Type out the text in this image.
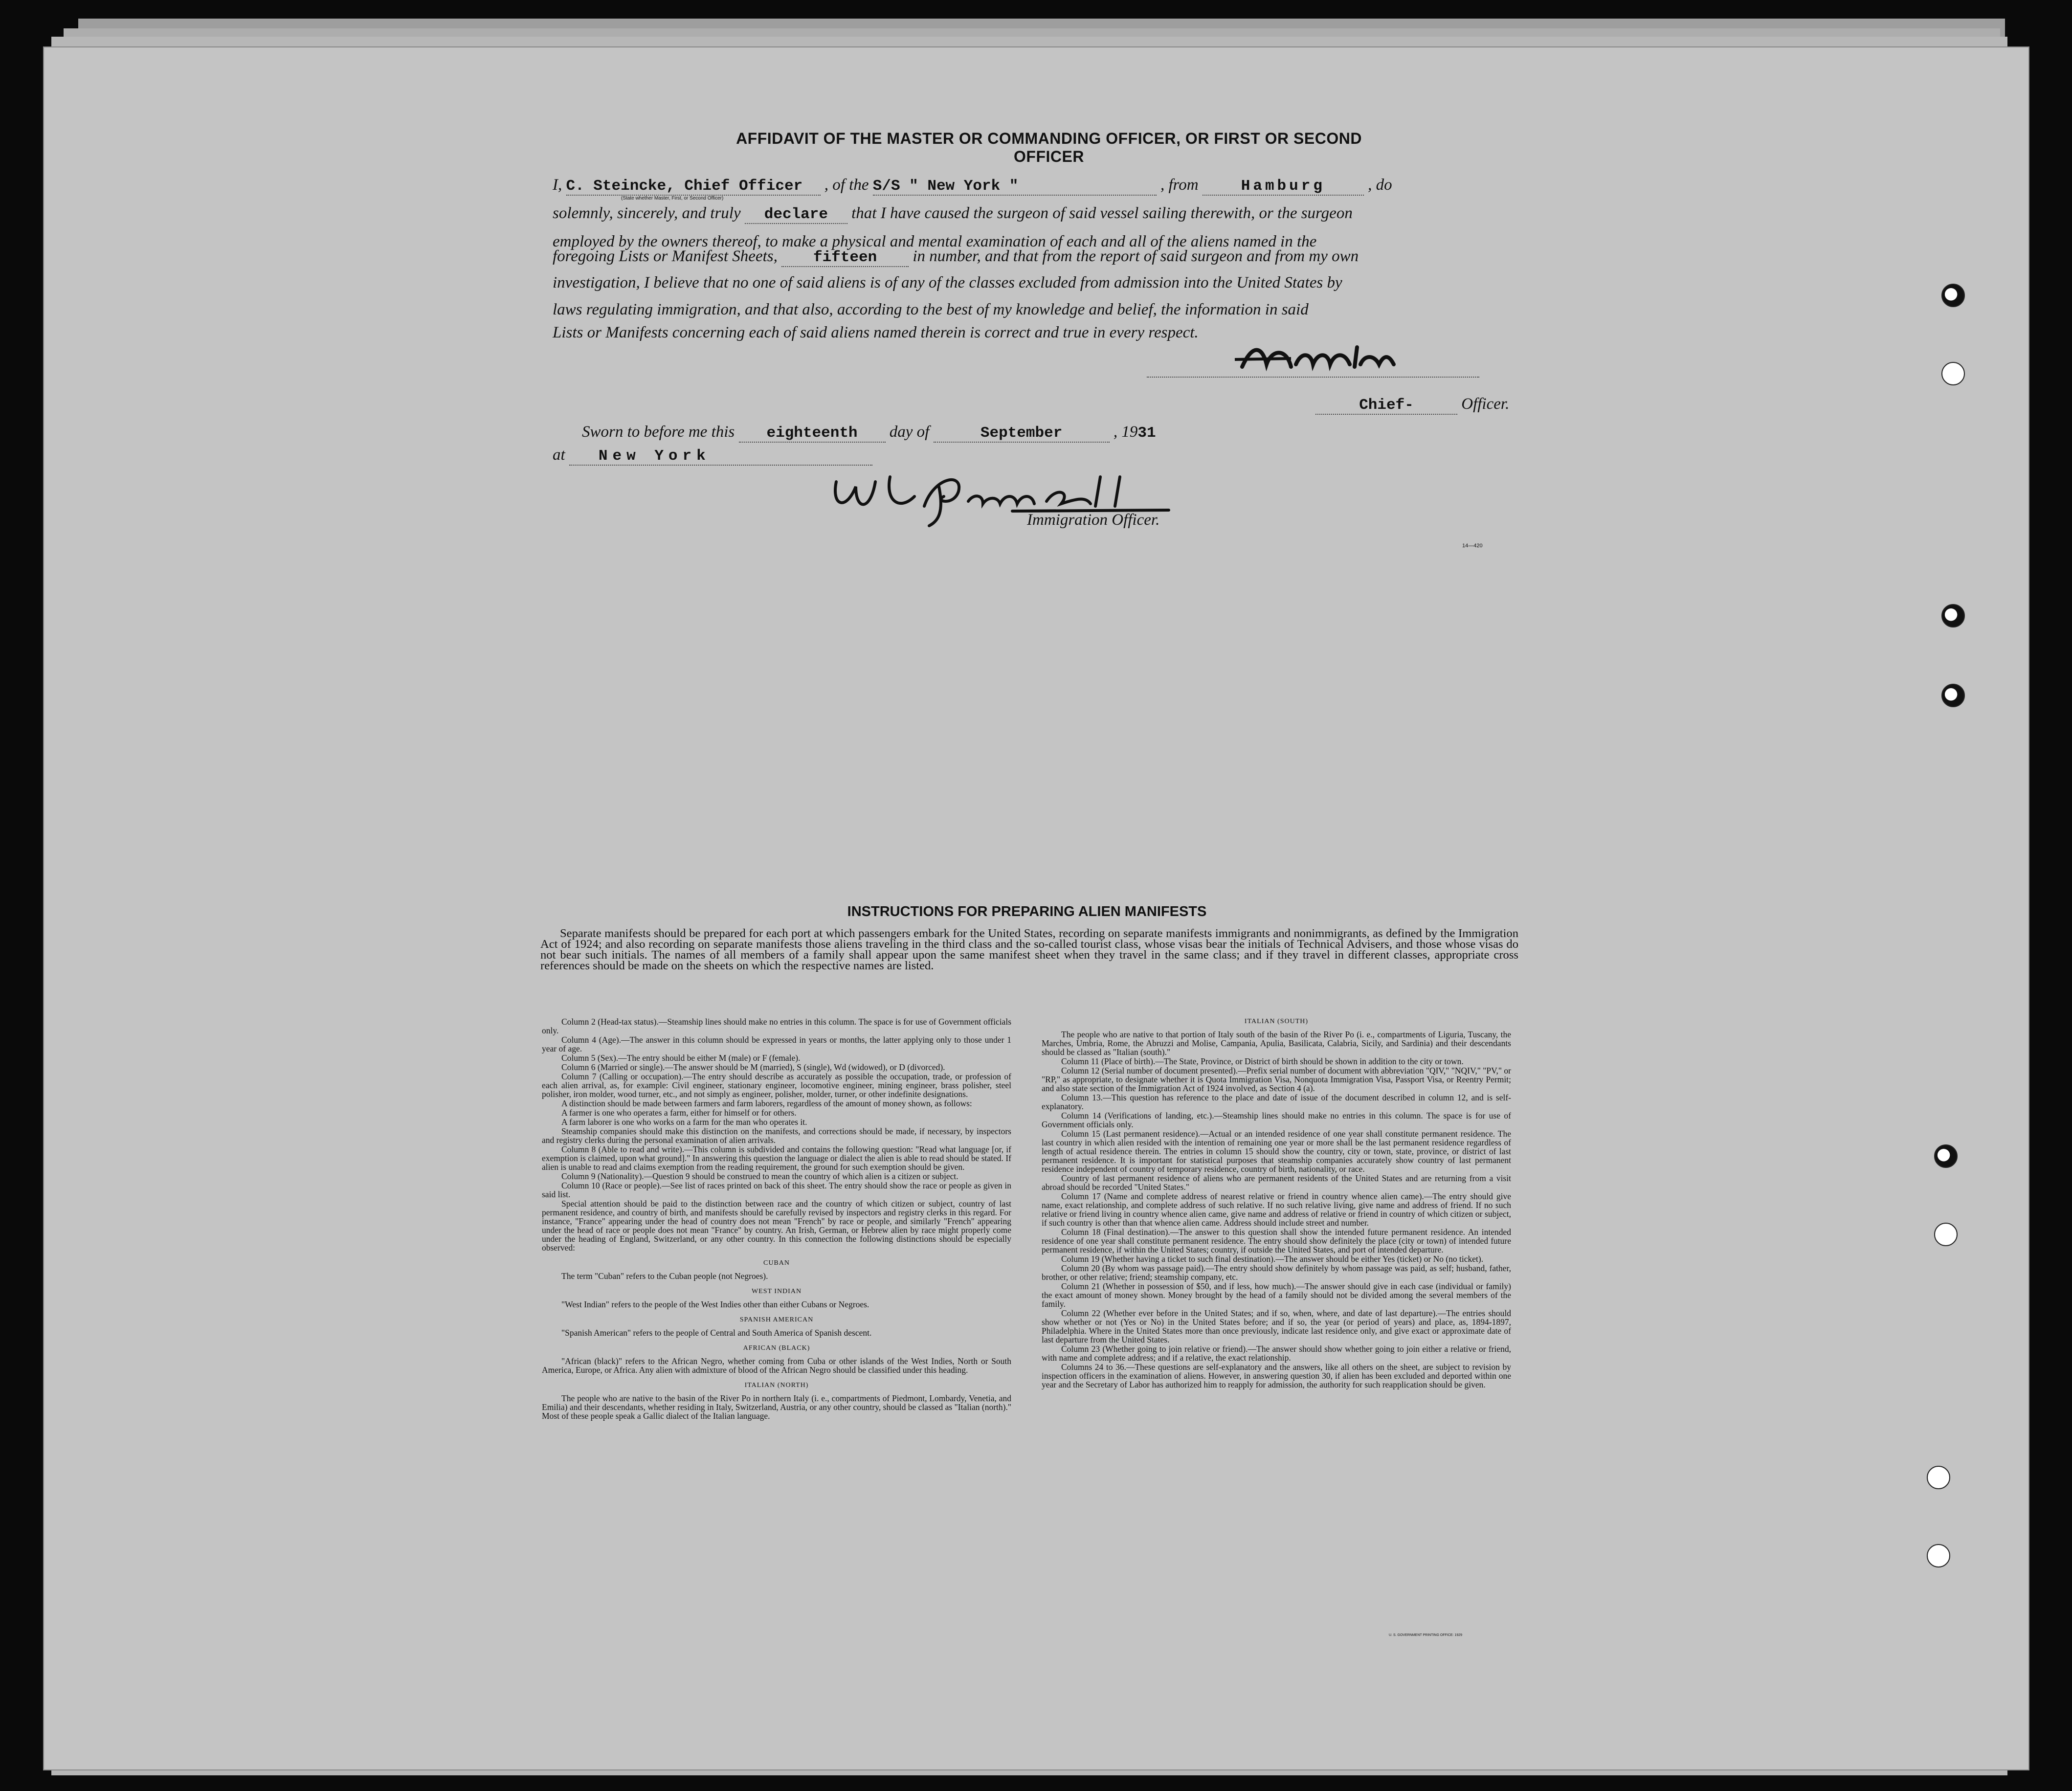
AFFIDAVIT OF THE MASTER OR COMMANDING OFFICER, OR FIRST OR SECOND OFFICER
I, C. Steincke, Chief Officer , of the S/S " New York "	, from	Hamburg	, do
(State whether Master, First, or Second Officer)
solemnly, sincerely, and truly declare that I have caused the surgeon of said vessel sailing therewith, or the surgeon
employed by the owners thereof, to make a physical and mental examination of each and all of the aliens named in the
foregoing Lists or Manifest Sheets, fifteen in number, and that from the report of said surgeon and from my own
investigation, I believe that no one of said aliens is of any of the classes excluded from admission into the United States by
laws regulating immigration, and that also, according to the best of my knowledge and belief, the information in said
Lists or Manifests concerning each of said aliens named therein is correct and true in every respect.
Chief-	Officer.
Sworn to before me this eighteenth day of	September	, 1931
at New York
Immigration Officer.
14—420
INSTRUCTIONS FOR PREPARING ALIEN MANIFESTS
Separate manifests should be prepared for each port at which passengers embark for the United States, recording on separate manifests immigrants and nonimmigrants, as defined by the Immigration Act of 1924; and also recording on separate manifests those aliens traveling in the third class and the so-called tourist class, whose visas bear the initials of Technical Advisers, and those whose visas do not bear such initials. The names of all members of a family shall appear upon the same manifest sheet when they travel in the same class; and if they travel in different classes, appropriate cross references should be made on the sheets on which the respective names are listed.

Column 2 (Head-tax status).—Steamship lines should make no entries in this column. The space is for use of Government officials only.

Column 4 (Age).—The answer in this column should be expressed in years or months, the latter applying only to those under 1 year of age.

Column 5 (Sex).—The entry should be either M (male) or F (female).

Column 6 (Married or single).—The answer should be M (married), S (single), Wd (widowed), or D (divorced).

Column 7 (Calling or occupation).—The entry should describe as accurately as possible the occupation, trade, or profession of each alien arrival, as, for example: Civil engineer, stationary engineer, locomotive engineer, mining engineer, brass polisher, steel polisher, iron molder, wood turner, etc., and not simply as engineer, polisher, molder, turner, or other indefinite designations.

A distinction should be made between farmers and farm laborers, regardless of the amount of money shown, as follows:

A farmer is one who operates a farm, either for himself or for others.

A farm laborer is one who works on a farm for the man who operates it.

Steamship companies should make this distinction on the manifests, and corrections should be made, if necessary, by inspectors and registry clerks during the personal examination of alien arrivals.

Column 8 (Able to read and write).—This column is subdivided and contains the following question: "Read what language [or, if exemption is claimed, upon what ground]." In answering this question the language or dialect the alien is able to read should be stated. If alien is unable to read and claims exemption from the reading requirement, the ground for such exemption should be given.

Column 9 (Nationality).—Question 9 should be construed to mean the country of which alien is a citizen or subject.

Column 10 (Race or people).—See list of races printed on back of this sheet. The entry should show the race or people as given in said list.

Special attention should be paid to the distinction between race and the country of which citizen or subject, country of last permanent residence, and country of birth, and manifests should be carefully revised by inspectors and registry clerks in this regard. For instance, "France" appearing under the head of country does not mean "French" by race or people, and similarly "French" appearing under the head of race or people does not mean "France" by country. An Irish, German, or Hebrew alien by race might properly come under the heading of England, Switzerland, or any other country. In this connection the following distinctions should be especially observed:

CUBAN

The term "Cuban" refers to the Cuban people (not Negroes).

WEST INDIAN

"West Indian" refers to the people of the West Indies other than either Cubans or Negroes.

SPANISH AMERICAN

"Spanish American" refers to the people of Central and South America of Spanish descent.

AFRICAN (BLACK)

"African (black)" refers to the African Negro, whether coming from Cuba or other islands of the West Indies, North or South America, Europe, or Africa. Any alien with admixture of blood of the African Negro should be classified under this heading.

ITALIAN (NORTH)

The people who are native to the basin of the River Po in northern Italy (i. e., compartments of Piedmont, Lombardy, Venetia, and Emilia) and their descendants, whether residing in Italy, Switzerland, Austria, or any other country, should be classed as "Italian (north)." Most of these people speak a Gallic dialect of the Italian language.

ITALIAN (SOUTH)

The people who are native to that portion of Italy south of the basin of the River Po (i. e., compartments of Liguria, Tuscany, the Marches, Umbria, Rome, the Abruzzi and Molise, Campania, Apulia, Basilicata, Calabria, Sicily, and Sardinia) and their descendants should be classed as "Italian (south)."

Column 11 (Place of birth).—The State, Province, or District of birth should be shown in addition to the city or town.

Column 12 (Serial number of document presented).—Prefix serial number of document with abbreviation "QIV," "NQIV," "PV," or "RP," as appropriate, to designate whether it is Quota Immigration Visa, Nonquota Immigration Visa, Passport Visa, or Reentry Permit; and also state section of the Immigration Act of 1924 involved, as Section 4 (a).

Column 13.—This question has reference to the place and date of issue of the document described in column 12, and is self-explanatory.

Column 14 (Verifications of landing, etc.).—Steamship lines should make no entries in this column. The space is for use of Government officials only.

Column 15 (Last permanent residence).—Actual or an intended residence of one year shall constitute permanent residence. The last country in which alien resided with the intention of remaining one year or more shall be the last permanent residence regardless of length of actual residence therein. The entries in column 15 should show the country, city or town, state, province, or district of last permanent residence. It is important for statistical purposes that steamship companies accurately show country of last permanent residence independent of country of temporary residence, country of birth, nationality, or race.

Country of last permanent residence of aliens who are permanent residents of the United States and are returning from a visit abroad should be recorded "United States."

Column 17 (Name and complete address of nearest relative or friend in country whence alien came).—The entry should give name, exact relationship, and complete address of such relative. If no such relative living, give name and address of friend. If no such relative or friend living in country whence alien came, give name and address of relative or friend in country of which citizen or subject, if such country is other than that whence alien came. Address should include street and number.

Column 18 (Final destination).—The answer to this question shall show the intended future permanent residence. An intended residence of one year shall constitute permanent residence. The entry should show definitely the place (city or town) of intended future permanent residence, if within the United States; country, if outside the United States, and port of intended departure.

Column 19 (Whether having a ticket to such final destination).—The answer should be either Yes (ticket) or No (no ticket).

Column 20 (By whom was passage paid).—The entry should show definitely by whom passage was paid, as self; husband, father, brother, or other relative; friend; steamship company, etc.

Column 21 (Whether in possession of $50, and if less, how much).—The answer should give in each case (individual or family) the exact amount of money shown. Money brought by the head of a family should not be divided among the several members of the family.

Column 22 (Whether ever before in the United States; and if so, when, where, and date of last departure).—The entries should show whether or not (Yes or No) in the United States before; and if so, the year (or period of years) and place, as, 1894-1897, Philadelphia. Where in the United States more than once previously, indicate last residence only, and give exact or approximate date of last departure from the United States.

Column 23 (Whether going to join relative or friend).—The answer should show whether going to join either a relative or friend, with name and complete address; and if a relative, the exact relationship.

Columns 24 to 36.—These questions are self-explanatory and the answers, like all others on the sheet, are subject to revision by inspection officers in the examination of aliens. However, in answering question 30, if alien has been excluded and deported within one year and the Secretary of Labor has authorized him to reapply for admission, the authority for such reapplication should be given.

U. S. GOVERNMENT PRINTING OFFICE: 1929
